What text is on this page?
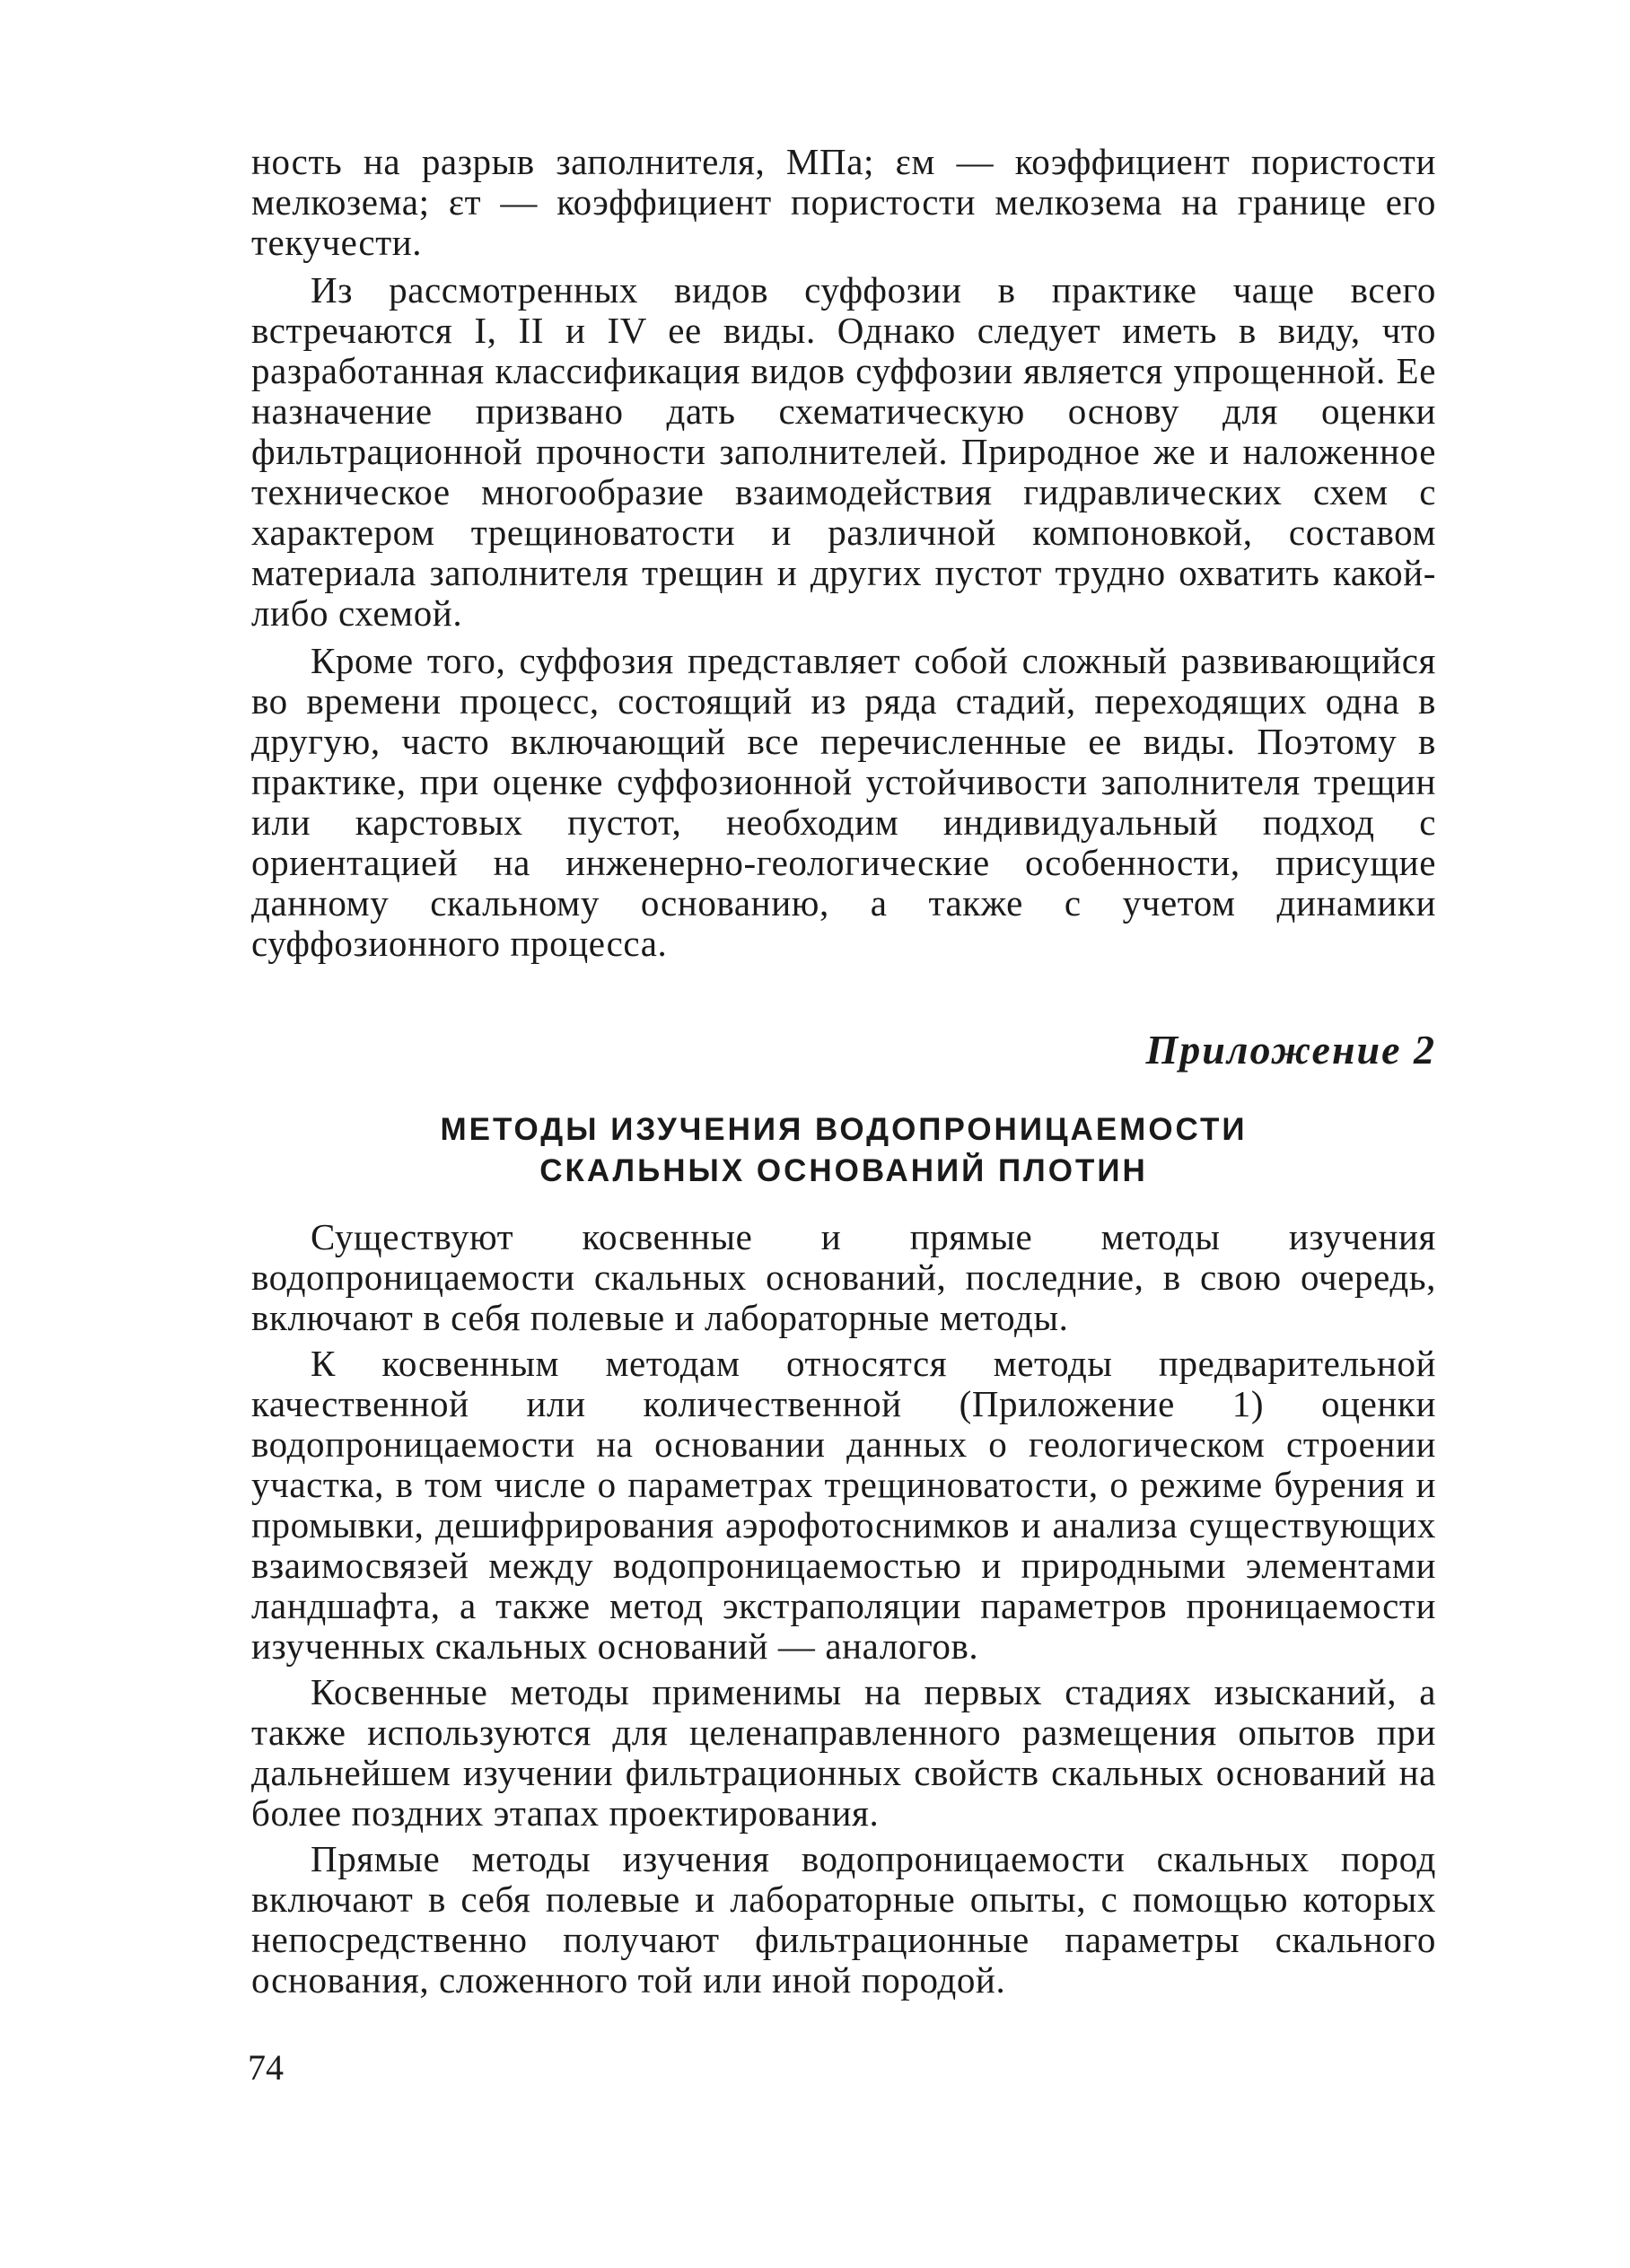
ность на разрыв заполнителя, МПа; εм — коэффициент пористости мелкозема; εт — коэффициент пористости мелкозема на границе его текучести.

Из рассмотренных видов суффозии в практике чаще всего встречаются I, II и IV ее виды. Однако следует иметь в виду, что разработанная классификация видов суффозии является упрощенной. Ее назначение призвано дать схематическую основу для оценки фильтрационной прочности заполнителей. Природное же и наложенное техническое многообразие взаимодействия гидравлических схем с характером трещиноватости и различной компоновкой, составом материала заполнителя трещин и других пустот трудно охватить какой-либо схемой.

Кроме того, суффозия представляет собой сложный развивающийся во времени процесс, состоящий из ряда стадий, переходящих одна в другую, часто включающий все перечисленные ее виды. Поэтому в практике, при оценке суффозионной устойчивости заполнителя трещин или карстовых пустот, необходим индивидуальный подход с ориентацией на инженерно-геологические особенности, присущие данному скальному основанию, а также с учетом динамики суффозионного процесса.

Приложение 2

МЕТОДЫ ИЗУЧЕНИЯ ВОДОПРОНИЦАЕМОСТИ
СКАЛЬНЫХ ОСНОВАНИЙ ПЛОТИН

Существуют косвенные и прямые методы изучения водопроницаемости скальных оснований, последние, в свою очередь, включают в себя полевые и лабораторные методы.

К косвенным методам относятся методы предварительной качественной или количественной (Приложение 1) оценки водопроницаемости на основании данных о геологическом строении участка, в том числе о параметрах трещиноватости, о режиме бурения и промывки, дешифрирования аэрофотоснимков и анализа существующих взаимосвязей между водопроницаемостью и природными элементами ландшафта, а также метод экстраполяции параметров проницаемости изученных скальных оснований — аналогов.

Косвенные методы применимы на первых стадиях изысканий, а также используются для целенаправленного размещения опытов при дальнейшем изучении фильтрационных свойств скальных оснований на более поздних этапах проектирования.

Прямые методы изучения водопроницаемости скальных пород включают в себя полевые и лабораторные опыты, с помощью которых непосредственно получают фильтрационные параметры скального основания, сложенного той или иной породой.

74
